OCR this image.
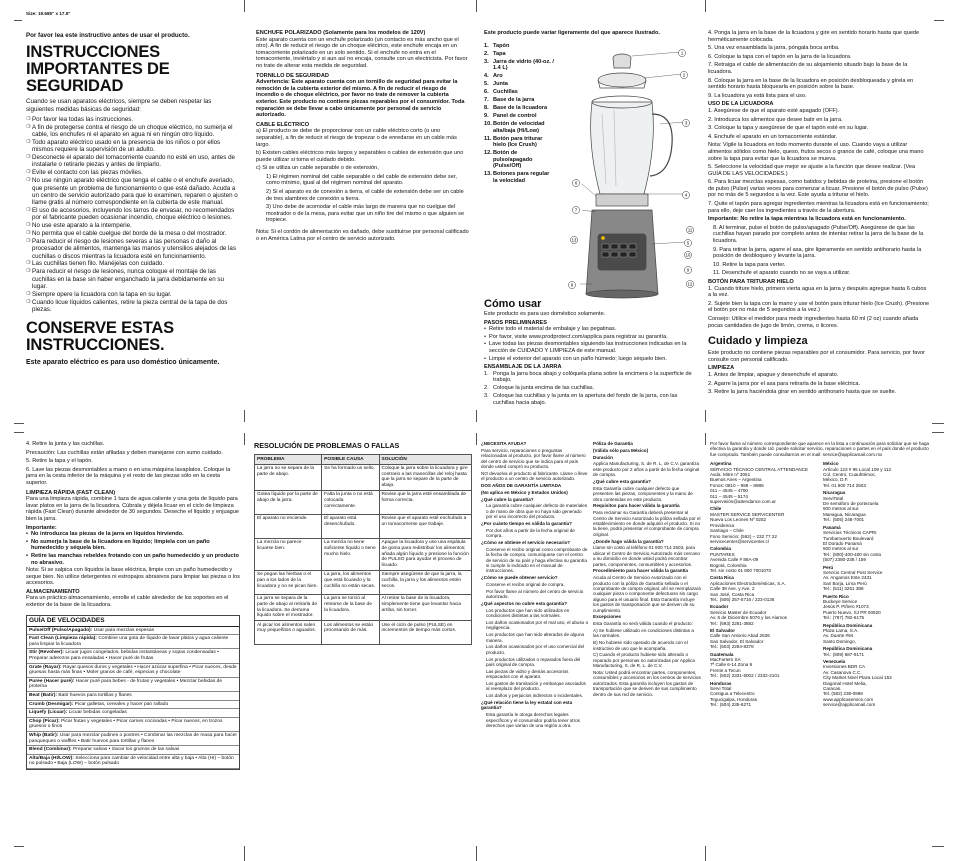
Size: 19.685" x 17.5"
Por favor lea este instructivo antes de usar el producto.
INSTRUCCIONES IMPORTANTES DE SEGURIDAD
Cuando se usan aparatos eléctricos, siempre se deben respetar las siguientes medidas básicas de seguridad:
❍ Por favor lea todas las instrucciones.
❍ A fin de protegerse contra el riesgo de un choque eléctrico, no sumerja el cable, los enchufes ni el aparato en agua ni en ningún otro líquido.
❍ Todo aparato eléctrico usado en la presencia de los niños o por ellos mismos requiere la supervisión de un adulto.
❍ Desconecte el aparato del tomacorriente cuando no esté en uso, antes de instalarle o retirarle piezas y antes de limpiarlo.
❍ Evite el contacto con las piezas móviles.
❍ No use ningún aparato eléctrico que tenga el cable o el enchufe averiado, que presente un problema de funcionamiento o que esté dañado. Acuda a un centro de servicio autorizado para que lo examinen, reparen o ajusten o llame gratis al número correspondiente en la cubierta de este manual.
❍ El uso de accesorios, incluyendo los tarros de envasar, no recomendados por el fabricante pueden ocasionar incendio, choque eléctrico o lesiones.
❍ No use este aparato a la intemperie.
❍ No permita que el cable cuelgue del borde de la mesa o del mostrador.
❍ Para reducir el riesgo de lesiones severas a las personas o daño al procesador de alimentos, mantenga las manos y utensilios alejados de las cuchillas o discos mientras la licuadora esté en funcionamiento.
❍ Las cuchillas tienen filo. Manéjelas con cuidado.
❍ Para reducir el riesgo de lesiones, nunca coloque el montaje de las cuchillas en la base sin haber enganchado la jarra debidamente en su lugar.
❍ Siempre opere la licuadora con la tapa en su lugar.
❍ Cuando licue líquidos calientes, retire la pieza central de la tapa de dos piezas.
CONSERVE ESTAS INSTRUCCIONES.
Este aparato eléctrico es para uso doméstico únicamente.
ENCHUFE POLARIZADO (Solamente para los modelos de 120V)
Este aparato cuenta con un enchufe polarizado (un contacto es más ancho que el otro). A fin de reducir el riesgo de un choque eléctrico, este enchufe encaja en un tomacorriente polarizado en un solo sentido. Si el enchufe no entra en el tomacorriente, inviértalo y si aun así no encaja, consulte con un electricista. Por favor no trate de alterar esta medida de seguridad.
TORNILLO DE SEGURIDAD
Advertencia: Este aparato cuenta con un tornillo de seguridad para evitar la remoción de la cubierta exterior del mismo. A fin de reducir el riesgo de incendio o de choque eléctrico, por favor no trate de remover la cubierta exterior. Este producto no contiene piezas reparables por el consumidor. Toda reparación se debe llevar a cabo únicamente por personal de servicio autorizado.
CABLE ELÉCTRICO
a) El producto se debe de proporcionar con un cable eléctrico corto (o uno separable), a fin de reducir el riesgo de tropezar o de enredarse en un cable más largo.
b) Existen cables eléctricos más largos y separables o cables de extensión que uno puede utilizar si toma el cuidado debido.
c) Si se utiliza un cable separable o de extensión,
1) El régimen nominal del cable separable o del cable de extensión debe ser, como mínimo, igual al del régimen nominal del aparato.
2) Si el aparato es de conexión a tierra, el cable de extensión debe ser un cable de tres alambres de conexión a tierra.
3) Uno debe de acomodar el cable más largo de manera que no cuelgue del mostrador o de la mesa, para evitar que un niño tire del mismo o que alguien se tropiece.
Nota: Si el cordón de alimentación es dañado, debe sustituirse por personal calificado o en América Latina por el centro de servicio autorizado.
Este producto puede variar ligeramente del que aparece ilustrado.
1. Tapón
2. Tapa
3. Jarra de vidrio (40-oz. / 1.4 L)
4. Aro
5. Junta
6. Cuchillas
7. Base de la jarra
8. Base de la licuadora
9. Panel de control
10. Botón de velocidad alta/baja (Hi/Low)
11. Botón para triturar hielo (Ice Crush)
12. Botón de pulso/apagado (Pulse/Off)
13. Botones para regular la velocidad
1
2
3
4
5
6
7
8
9
10
11
12
13
Cómo usar
Este producto es para uso doméstico solamente.
PASOS PRELIMINARES
• Retire todo el material de embalaje y las pegatinas.
• Por favor, visite www.prodprotect.com/applica para registrar su garantía.
• Lave todas las piezas desmontables siguiendo las instrucciones indicadas en la sección de CUIDADO Y LIMPIEZA de este manual.
• Limpie el exterior del aparato con un paño húmedo; luego séquelo bien.
ENSAMBLAJE DE LA JARRA
1. Ponga la jarra boca abajo y colóquela plana sobre la encimera o la superficie de trabajo.
2. Coloque la junta encima de las cuchillas.
3. Coloque las cuchillas y la junta en la apertura del fondo de la jarra, con las cuchillas hacia abajo.
4. Ponga la jarra en la base de la licuadora y gire en sentido horario hasta que quede herméticamente colocada.
5. Una vez ensamblada la jarra, póngala boca arriba.
6. Coloque la tapa con el tapón en la jarra de la licuadora.
7. Retraiga el cable de alimentación de su alojamiento situado bajo la base de la licuadora.
8. Coloque la jarra en la base de la licuadora en posición desbloqueada y gírela en sentido horario hasta bloquearla en posición sobre la base.
9. La licuadora ya está lista para el uso.
USO DE LA LICUADORA
1. Asegúrese de que el aparato esté apagado (OFF).
2. Introduzca los alimentos que desee batir en la jarra.
3. Coloque la tapa y asegúrese de que el tapón esté en su lugar.
4. Enchufe el aparato en un tomacorriente estándar.
Nota: Vigile la licuadora en todo momento durante el uso. Cuando vaya a utilizar alimentos sólidos como hielo, queso, frutos secos o granos de café, coloque una mano sobre la tapa para evitar que la licuadora se mueva.
5. Seleccione la velocidad que mejor se ajuste a la función que desee realizar. (Vea GUÍA DE LAS VELOCIDADES.)
6. Para licuar mezclas espesas, como batidos y bebidas de proteína, presione el botón de pulso (Pulse) varias veces para comenzar a licuar. Presione el botón de pulso (Pulse) por no más de 5 segundos a la vez. Este ayuda a triturar el hielo.
7. Quite el tapón para agregar ingredientes mientras la licuadora está en funcionamiento; para ello, deje caer los ingredientes a través de la abertura.
Importante: No retire la tapa mientras la licuadora está en funcionamiento.
8. Al terminar, pulse el botón de pulso/apagado (Pulse/Off). Asegúrese de que las cuchillas hayan parado por completo antes de intentar retirar la jarra de la base de la licuadora.
9. Para retirar la jarra, agarre el asa, gire ligeramente en sentido antihorario hasta la posición de desbloqueo y levante la jarra.
10. Retire la tapa para verter.
11. Desenchufe el aparato cuando no se vaya a utilizar.
BOTÓN PARA TRITURAR HIELO
1. Cuando triture hielo, primero vierta agua en la jarra y después agregue hasta 6 cubos a la vez.
2. Sujete bien la tapa con la mano y use el botón para triturar hielo (Ice Crush). (Presione el botón por no más de 5 segundos a la vez.)
Consejo: Utilice el medidor para medir ingredientes hasta 60 ml (2 oz) cuando añada pocas cantidades de jugo de limón, crema, o licores.
Cuidado y limpieza
Este producto no contiene piezas reparables por el consumidor. Para servicio, por favor consulte con personal calificado.
LIMPIEZA
1. Antes de limpiar, apague y desenchufe el aparato.
2. Agarre la jarra por el asa para retirarla de la base eléctrica.
3. Retire la jarra haciéndola girar en sentido antihorario hasta que se suelte.
4. Retire la junta y las cuchillas.
Precaución: Las cuchillas están afiladas y deben manejarse con sumo cuidado.
5. Retire la tapa y el tapón.
6. Lave las piezas desmontables a mano o en una máquina lavaplatos. Coloque la jarra en la cesta inferior de la máquina y el resto de las piezas sólo en la cesta superior.
LIMPIEZA RÁPIDA (FAST CLEAN)
Para una limpieza rápida, combine 1 taza de agua caliente y una gota de líquido para lavar platos en la jarra de la licuadora. Cúbrala y déjela licuar en el ciclo de limpieza rápida (Fast Clean) durante alrededor de 30 segundos. Deseche el líquido y enjuague bien la jarra.
Importante:
• No introduzca las piezas de la jarra en líquidos hirviendo.
• No sumerja la base de la licuadora en líquido; límpiela con un paño humedecido y séquela bien.
• Retire las manchas rebeldes frotando con un paño humedecido y un producto no abrasivo.
Nota: Si se salpica con líquidos la base eléctrica, limpie con un paño humedecido y seque bien. No utilice detergentes ni estropajos abrasivos para limpiar las piezas o los accesorios.
ALMACENAMIENTO
Para un práctico almacenamiento, enrolle el cable alrededor de los soportes en el exterior de la base de la licuadora.
GUÍA DE VELOCIDADES
Pulse/Off (Pulso/Apagado): Usar para mezclas espesas
Fast Clean (Limpieza rápida): Combine una gota de líquido de lavar platos y agua caliente para limpiar la licuadora
Stir (Revolver): Licuar jugos congelados, bebidas instantáneas y sopas condensadas • Preparar aderezos para ensaladas • Hacer puré de frutas
Grate (Rayar): Rayar quesos duros y vegetales • Hacer azúcar superfina • Picar nueces, desde gruesas hasta más finas • Moler granos de café, especias y chocolate
Puree (Hacer puré): Hacer puré para bebes - de frutas y vegetales • Mezclar bebidas de proteína
Beat (Batir): Batir huevos para tortillas y flanes
Crumb (Desmigar): Picar galletas, cereales y hacer pan rallado
Liquefy (Licuar): Licuar bebidas congeladas
Chop (Picar): Picar frutas y vegetales • Picar carnes cocinadas • Picar nueces, en trozos gruesos o finos
Whip (Batir): Usar para mezclar pudines o postres • Combinar las mezclas de masa para hacer panqueques o waffles • Batir huevos para tortillas y flanes
Blend (Combinar): Preparar salsas • Sacar los grumos de las salsas
Alta/Baja (HI/LOW): Selecciona para cambiar de velocidad entre alta y baja • Alta (HI) – botón no pulsado • Baja (LOW) – botón pulsado
RESOLUCIÓN DE PROBLEMAS O FALLAS
PROBLEMA	POSIBLE CAUSA	SOLUCIÓN
La jarra no se separa de la parte de abajo.	Se ha formado un sello.	Coloque la jarra sobre la licuadora y gire contrario a las manecillas del reloj hasta que la jarra se separe de la parte de abajo.
Gotea líquido por la parte de abajo de la jarra.	Falta la junta o no está colocada correctamente.	Revise que la jarra esté ensamblada de forma correcta.
El aparato no enciende.	El aparato está desenchufado.	Revise que el aparato esté enchufado a un tomacorriente que trabaje.
La mezcla no parece licuarse bien.	La mezcla no tiene suficiente líquido o tiene mucho hielo.	Apague la licuadora y use una espátula de goma para redistribuir los alimentos; añada algún líquido y presione la función de PULSO para ayudar el proceso de licuado.
Se pegan las hierbas o el pan a los lados de la licuadora y no se pican bien.	La jarra, los alimentos que está licuando y la cuchilla no están secas.	Siempre asegúrese de que la jarra, la cuchilla, la jarra y los alimentos estén secos.
La jarra se separa de la parte de abajo al retirarla de la licuadora. Se derrama líquido sobre el mostrador.	La jarra se torció al retirarse de la base de la licuadora.	Al retirar la base de la licuadora, simplemente tiene que levantar hacia arriba, sin torcer.
Al picar los alimentos salen muy pequeñitos o aguados.	Los alimentos se están procesando de más.	Use el ciclo de pulso (PULSE) en incrementos de tiempo más cortos.
¿NECESITA AYUDA?
Para servicio, reparaciones o preguntas relacionadas al producto, por favor llame al número del centro de servicio que se indica para el país donde usted compró su producto.
NO devuelva el producto al fabricante. Llame o lleve el producto a un centro de servicio autorizado.
DOS AÑOS DE GARANTÍA LIMITADA
(No aplica en México y Estados Unidos)
¿Qué cubre la garantía?
La garantía cubre cualquier defecto de materiales o de mano de obra que no haya sido generado por el uso incorrecto del producto.
¿Por cuánto tiempo es válida la garantía?
Por dos años a partir de la fecha original de compra.
¿Cómo se obtiene el servicio necesario?
Conserve el recibo original como comprobante de la fecha de compra, comuníquese con el centro de servicio de su país y haga efectiva su garantía si cumple lo indicado en el manual de instrucciones.
¿Cómo se puede obtener servicio?
Conserve el recibo original de compra.
Por favor llame al número del centro de servicio autorizado.
¿Qué aspectos no cubre esta garantía?
Los productos que han sido utilizados en condiciones distintas a las normales.
Los daños ocasionados por el mal uso, el abuso o negligencia.
Los productos que han sido alterados de alguna manera.
Los daños ocasionados por el uso comercial del producto.
Los productos utilizados o reparados fuera del país original de compra.
Las piezas de vidrio y demás accesorios empacados con el aparato.
Los gastos de tramitación y embarque asociados al reemplazo del producto.
Los daños y perjuicios indirectos o incidentales.
¿Qué relación tiene la ley estatal con esta garantía?
Esta garantía le otorga derechos legales específicos y el consumidor podría tener otros derechos que varían de una región a otra.
Póliza de Garantía
(Válida sólo para México)
Duración
Applica Manufacturing, S. de R. L. de C.V. garantiza este producto por 2 años a partir de la fecha original de compra.
¿Qué cubre esta garantía?
Esta Garantía cubre cualquier defecto que presenten las piezas, componentes y la mano de obra contenidas en este producto.
Requisitos para hacer válida la garantía
Para reclamar su Garantía deberá presentar al Centro de Servicio Autorizado la póliza sellada por el establecimiento en donde adquirió el producto. Si no la tiene, podrá presentar el comprobante de compra original.
¿Donde hago válida la garantía?
Llame sin costo al teléfono 01 800 714 2503, para ubicar el Centro de Servicio Autorizado más cercano a su domicilio en donde usted podrá encontrar partes, componentes, consumibles y accesorios.
Procedimiento para hacer válida la garantía
Acuda al Centro de Servicio Autorizado con el producto con la póliza de Garantía sellada o el comprobante de compra original, ahí se reemplazará cualquier pieza o componente defectuoso sin cargo alguno para el usuario final. Esta Garantía incluye los gastos de transportación que se deriven de su cumplimiento.
Excepciones
Esta Garantía no será válida cuando el producto:
A) Se hubiese utilizado en condiciones distintas a las normales.
B) No hubiese sido operado de acuerdo con el instructivo de uso que le acompaña.
C) Cuando el producto hubiese sido alterado o reparado por personas no autorizadas por Applica Manufacturing, S. de R. L. de C.V.
Nota: Usted podrá encontrar partes, componentes, consumibles y accesorios en los centros de servicios autorizados. Esta garantía incluyen los gastos de transportación que se deriven de sus cumplimiento dentro de sus red de servicio.
Por favor llame al número correspondiente que aparece en la lista a continuación para solicitar que se haga efectiva la garantía y donde Ud. puede solicitar servicio, reparaciones o partes en el país donde el producto fue comprado. También puede consultarnos en el mail: service@applicamail.com.mx
Argentina
SERVICIO TÉCNICO CENTRAL ATTENDANCE
Avda. Mitre nº 3051
Buenos Aires – Argentina
Fonos: 0810 – 988 – 8988
011 – 4545 – 4700
011 – 4545 – 5174
supervisión@attendance.com.ar
Chile
MASTER SERVICE SERVICENTER
Nueva Los Leones Nº 0252
Providencia
Santiago – Chile
Fono Servicio: (562) – 232 77 22
servicecenter@servicenter.cl
Colombia
PUNTARES
Avenida Calle # 88A-09
Bogotá, Colombia
Tel. sin costo 01 800 7001070
Costa Rica
Aplicaciones Electrodomésticas, S.A.
Calle 38 Ave. y Ave. 2
San José, Costa Rica
Tel.: (506) 257-5716 / 223-0136
Ecuador
Servicio Master de Ecuador
Av. 6 de Diciembre 5076 y los Alamos
Tel.: (593) 2281-3882
El Salvador
Calle San Antonio Abad 2636
San Salvador, El Salvador
Tel.: (503) 2284-8378
Guatemala
MacFarters SA
7ª Calle 6-14 Zona 9
Frente a Tecun
Tel.: (502) 2331-5002 / 2332-2101
Honduras
Servi Total
Contigua a Telecentro
Tegucigalpa, Honduras
Tel.: (504) 235-6271
México
Artículo 123 # 95 Local 109 y 112
Col. Centro, Cuauhtémoc,
México, D.F.
Tel. 01 800 714 2503
Nicaragua
ServiTotal
De semáforo de portezuela
500 metros al sur.
Managua, Nicaragua
Tel.: (505) 248-7001
Panamá
Servicios Técnicos CAPRI
Tumbamuerto Boulevard
El Dorado Panamá
500 metros al sur
Tel.: (800)-400-400 sin costo
(507) 2380-238 / 159
Perú
Servicio Central Post Service
Av. Angamos Este 2431
San Borja, Lima Perú
Tel.: (511) 3251 388
Puerto Rico
Buckeye Service
Jesús P. Piñero #1073
Puerto Nuevo, SJ PR 00920
Tel.: (787) 782-6175
República Dominicana
Plaza Lama, S.A.
Av. Duarte #94
Santo Domingo,
República Dominicana
Tel.: (809) 687-9171
Venezuela
Inversiones BDR CA
Av. Casanova C.C.
City Market Nivel Plaza Local 153
Diagonal Hotel Melia,
Caracas.
Tel. (582) 238-0989
www.applicaservice.com
service@applicamail.com
